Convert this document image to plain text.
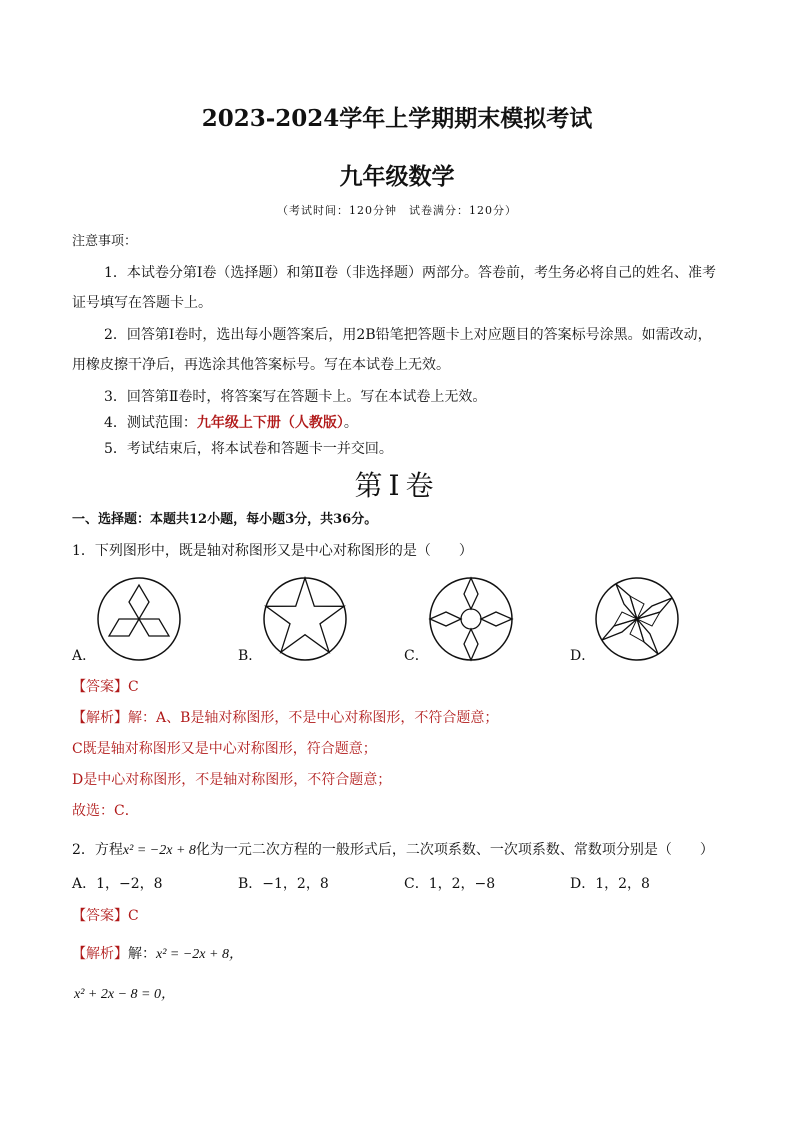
2023-2024学年上学期期末模拟考试
九年级数学
（考试时间：120分钟　试卷满分：120分）
注意事项：
1．本试卷分第Ⅰ卷（选择题）和第Ⅱ卷（非选择题）两部分。答卷前，考生务必将自己的姓名、准考
证号填写在答题卡上。
2．回答第Ⅰ卷时，选出每小题答案后，用2B铅笔把答题卡上对应题目的答案标号涂黑。如需改动，
用橡皮擦干净后，再选涂其他答案标号。写在本试卷上无效。
3．回答第Ⅱ卷时，将答案写在答题卡上。写在本试卷上无效。
4．测试范围：九年级上下册（人教版）。
5．考试结束后，将本试卷和答题卡一并交回。
第Ⅰ卷
一、选择题：本题共12小题，每小题3分，共36分。
1．下列图形中，既是轴对称图形又是中心对称图形的是（　　）
A．	B．	C．	D．
【答案】C
【解析】解：A、B是轴对称图形，不是中心对称图形，不符合题意；
C既是轴对称图形又是中心对称图形，符合题意；
D是中心对称图形，不是轴对称图形，不符合题意；
故选：C．
2．方程x² = −2x + 8化为一元二次方程的一般形式后，二次项系数、一次项系数、常数项分别是（　　）
A．1，−2，8	B．−1，2，8	C．1，2，−8	D．1，2，8
【答案】C
【解析】解：x² = −2x + 8，
x² + 2x − 8 = 0，
